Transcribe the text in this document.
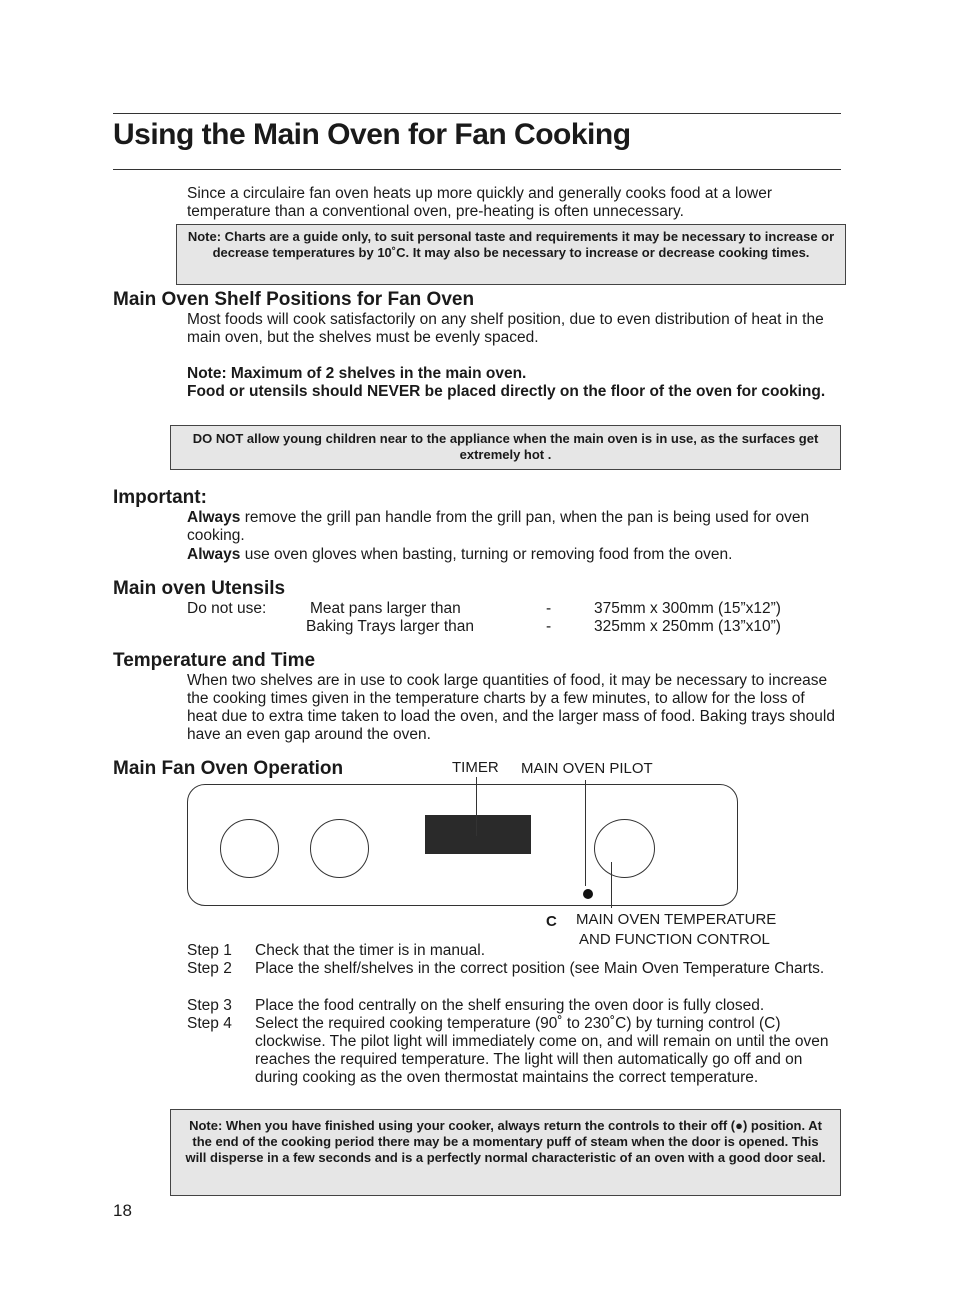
Using the Main Oven for Fan Cooking
Since a circulaire fan oven heats up more quickly and generally cooks food at a lower temperature than a conventional oven, pre-heating is often unnecessary.
Note: Charts are a guide only, to suit personal taste and requirements it may be necessary to increase or decrease temperatures by 10˚C. It may also be necessary to increase or decrease cooking times.
Main Oven Shelf Positions for Fan Oven
Most foods will cook satisfactorily on any shelf position, due to even distribution of heat in the main oven, but the shelves must be evenly spaced.
Note: Maximum of 2 shelves in the main oven.
Food or utensils should NEVER be placed directly on the floor of the oven for cooking.
DO NOT allow young children near to the appliance when the main oven is in use, as the surfaces get extremely hot .
Important:
Always remove the grill pan handle from the grill pan, when the pan is being used for oven cooking.
Always use oven gloves when basting, turning or removing food from the oven.
Main oven Utensils
Do not use:	Meat pans larger than	-	375mm x 300mm (15”x12”)
Baking Trays larger than	-	325mm x 250mm (13”x10”)
Temperature and Time
When two shelves are in use to cook large quantities of food, it may be necessary to increase the cooking times given in the temperature charts by a few minutes, to allow for the loss of heat due to extra time taken to load the oven, and the larger mass of food. Baking trays should have an even gap around the oven.
Main Fan Oven Operation	TIMER MAIN OVEN PILOT
C MAIN OVEN TEMPERATURE
AND FUNCTION CONTROL
Step 1 Check that the timer is in manual.
Step 2 Place the shelf/shelves in the correct position (see Main Oven Temperature Charts.
Step 3 Place the food centrally on the shelf ensuring the oven door is fully closed.
Step 4 Select the required cooking temperature (90˚ to 230˚C) by turning control (C) clockwise. The pilot light will immediately come on, and will remain on until the oven reaches the required temperature. The light will then automatically go off and on during cooking as the oven thermostat maintains the correct temperature.
Note: When you have finished using your cooker, always return the controls to their off (●) position. At the end of the cooking period there may be a momentary puff of steam when the door is opened. This will disperse in a few seconds and is a perfectly normal characteristic of an oven with a good door seal.
18
